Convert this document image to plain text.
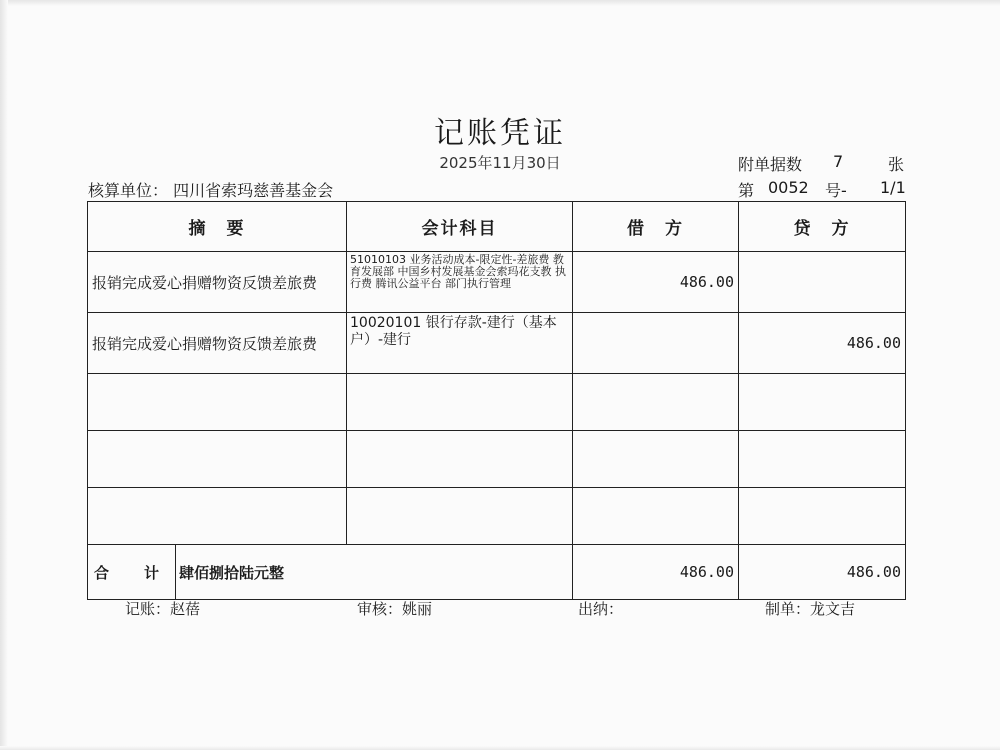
记账凭证
2025年11月30日	附单据数 7	张
核算单位： 四川省索玛慈善基金会	第 0052 号- 1/1
摘　要		会计科目	借　方	贷　方
报销完成爱心捐赠物资反馈差旅费		51010103 业务活动成本-限定性-差旅费 教育发展部 中国乡村发展基金会索玛花支教 执行费 腾讯公益平台 部门执行管理	486.00	
报销完成爱心捐赠物资反馈差旅费		10020101 银行存款-建行（基本户）-建行		486.00

合　计	肆佰捌拾陆元整		486.00	486.00
记账：赵蓓	审核：姚丽	出纳：	制单：龙文吉
